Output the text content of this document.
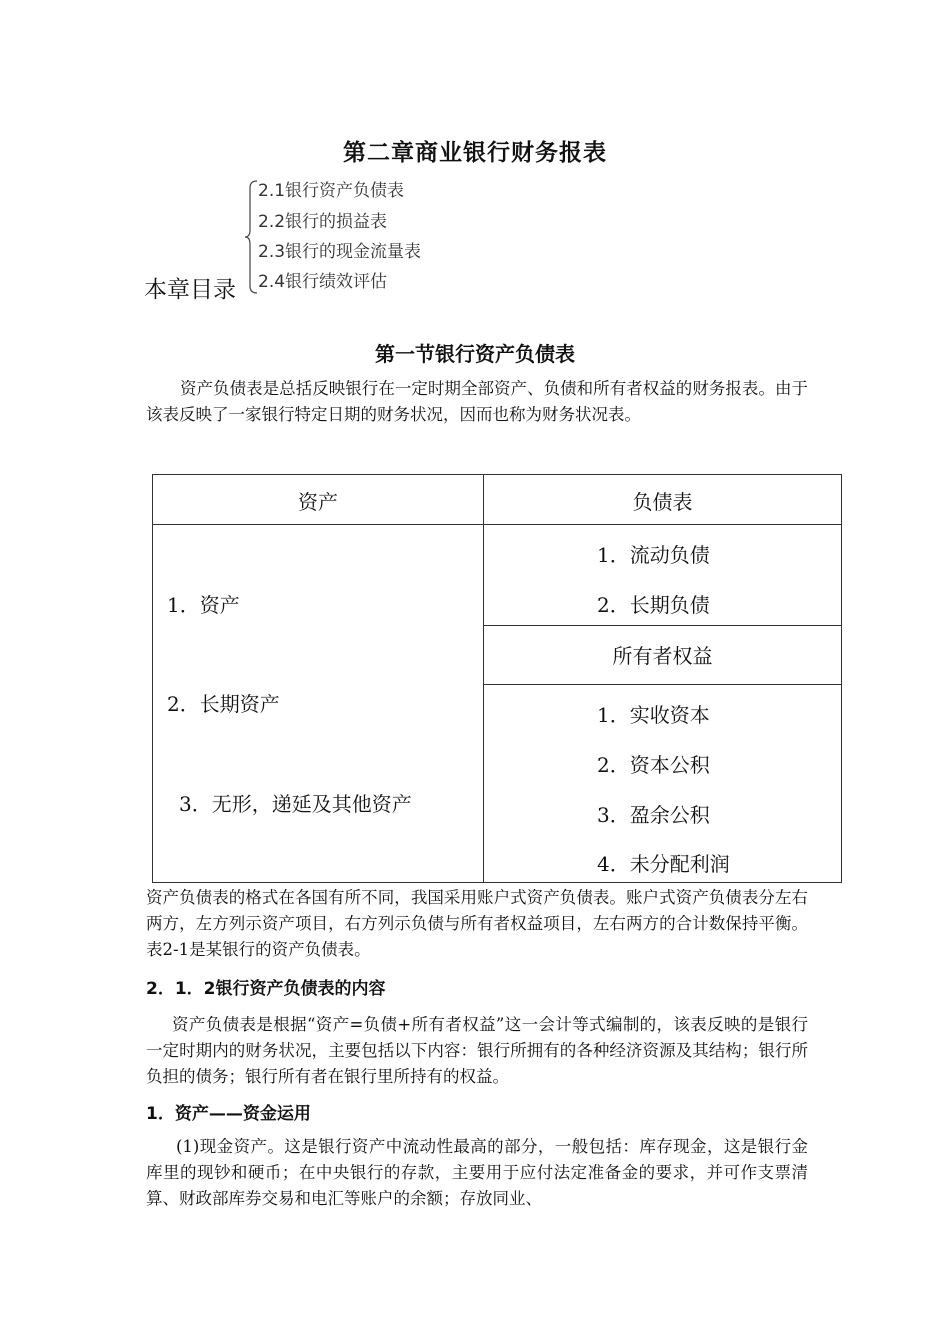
第二章商业银行财务报表
2.1银行资产负债表
2.2银行的损益表
2.3银行的现金流量表
2.4银行绩效评估
本章目录
第一节银行资产负债表
资产负债表是总括反映银行在一定时期全部资产、负债和所有者权益的财务报表。由于该表反映了一家银行特定日期的财务状况，因而也称为财务状况表。
资产	负债表
1．资产
2．长期资产
3．无形，递延及其他资产
1．流动负债
2．长期负债
所有者权益
1．实收资本
2．资本公积
3．盈余公积
4．未分配利润
资产负债表的格式在各国有所不同，我国采用账户式资产负债表。账户式资产负债表分左右两方，左方列示资产项目，右方列示负债与所有者权益项目，左右两方的合计数保持平衡。表2-1是某银行的资产负债表。
2．1．2银行资产负债表的内容
资产负债表是根据“资产=负债+所有者权益”这一会计等式编制的，该表反映的是银行一定时期内的财务状况，主要包括以下内容：银行所拥有的各种经济资源及其结构；银行所负担的债务；银行所有者在银行里所持有的权益。
1．资产——资金运用
(1)现金资产。这是银行资产中流动性最高的部分，一般包括：库存现金，这是银行金库里的现钞和硬币；在中央银行的存款，主要用于应付法定准备金的要求，并可作支票清算、财政部库券交易和电汇等账户的余额；存放同业、
